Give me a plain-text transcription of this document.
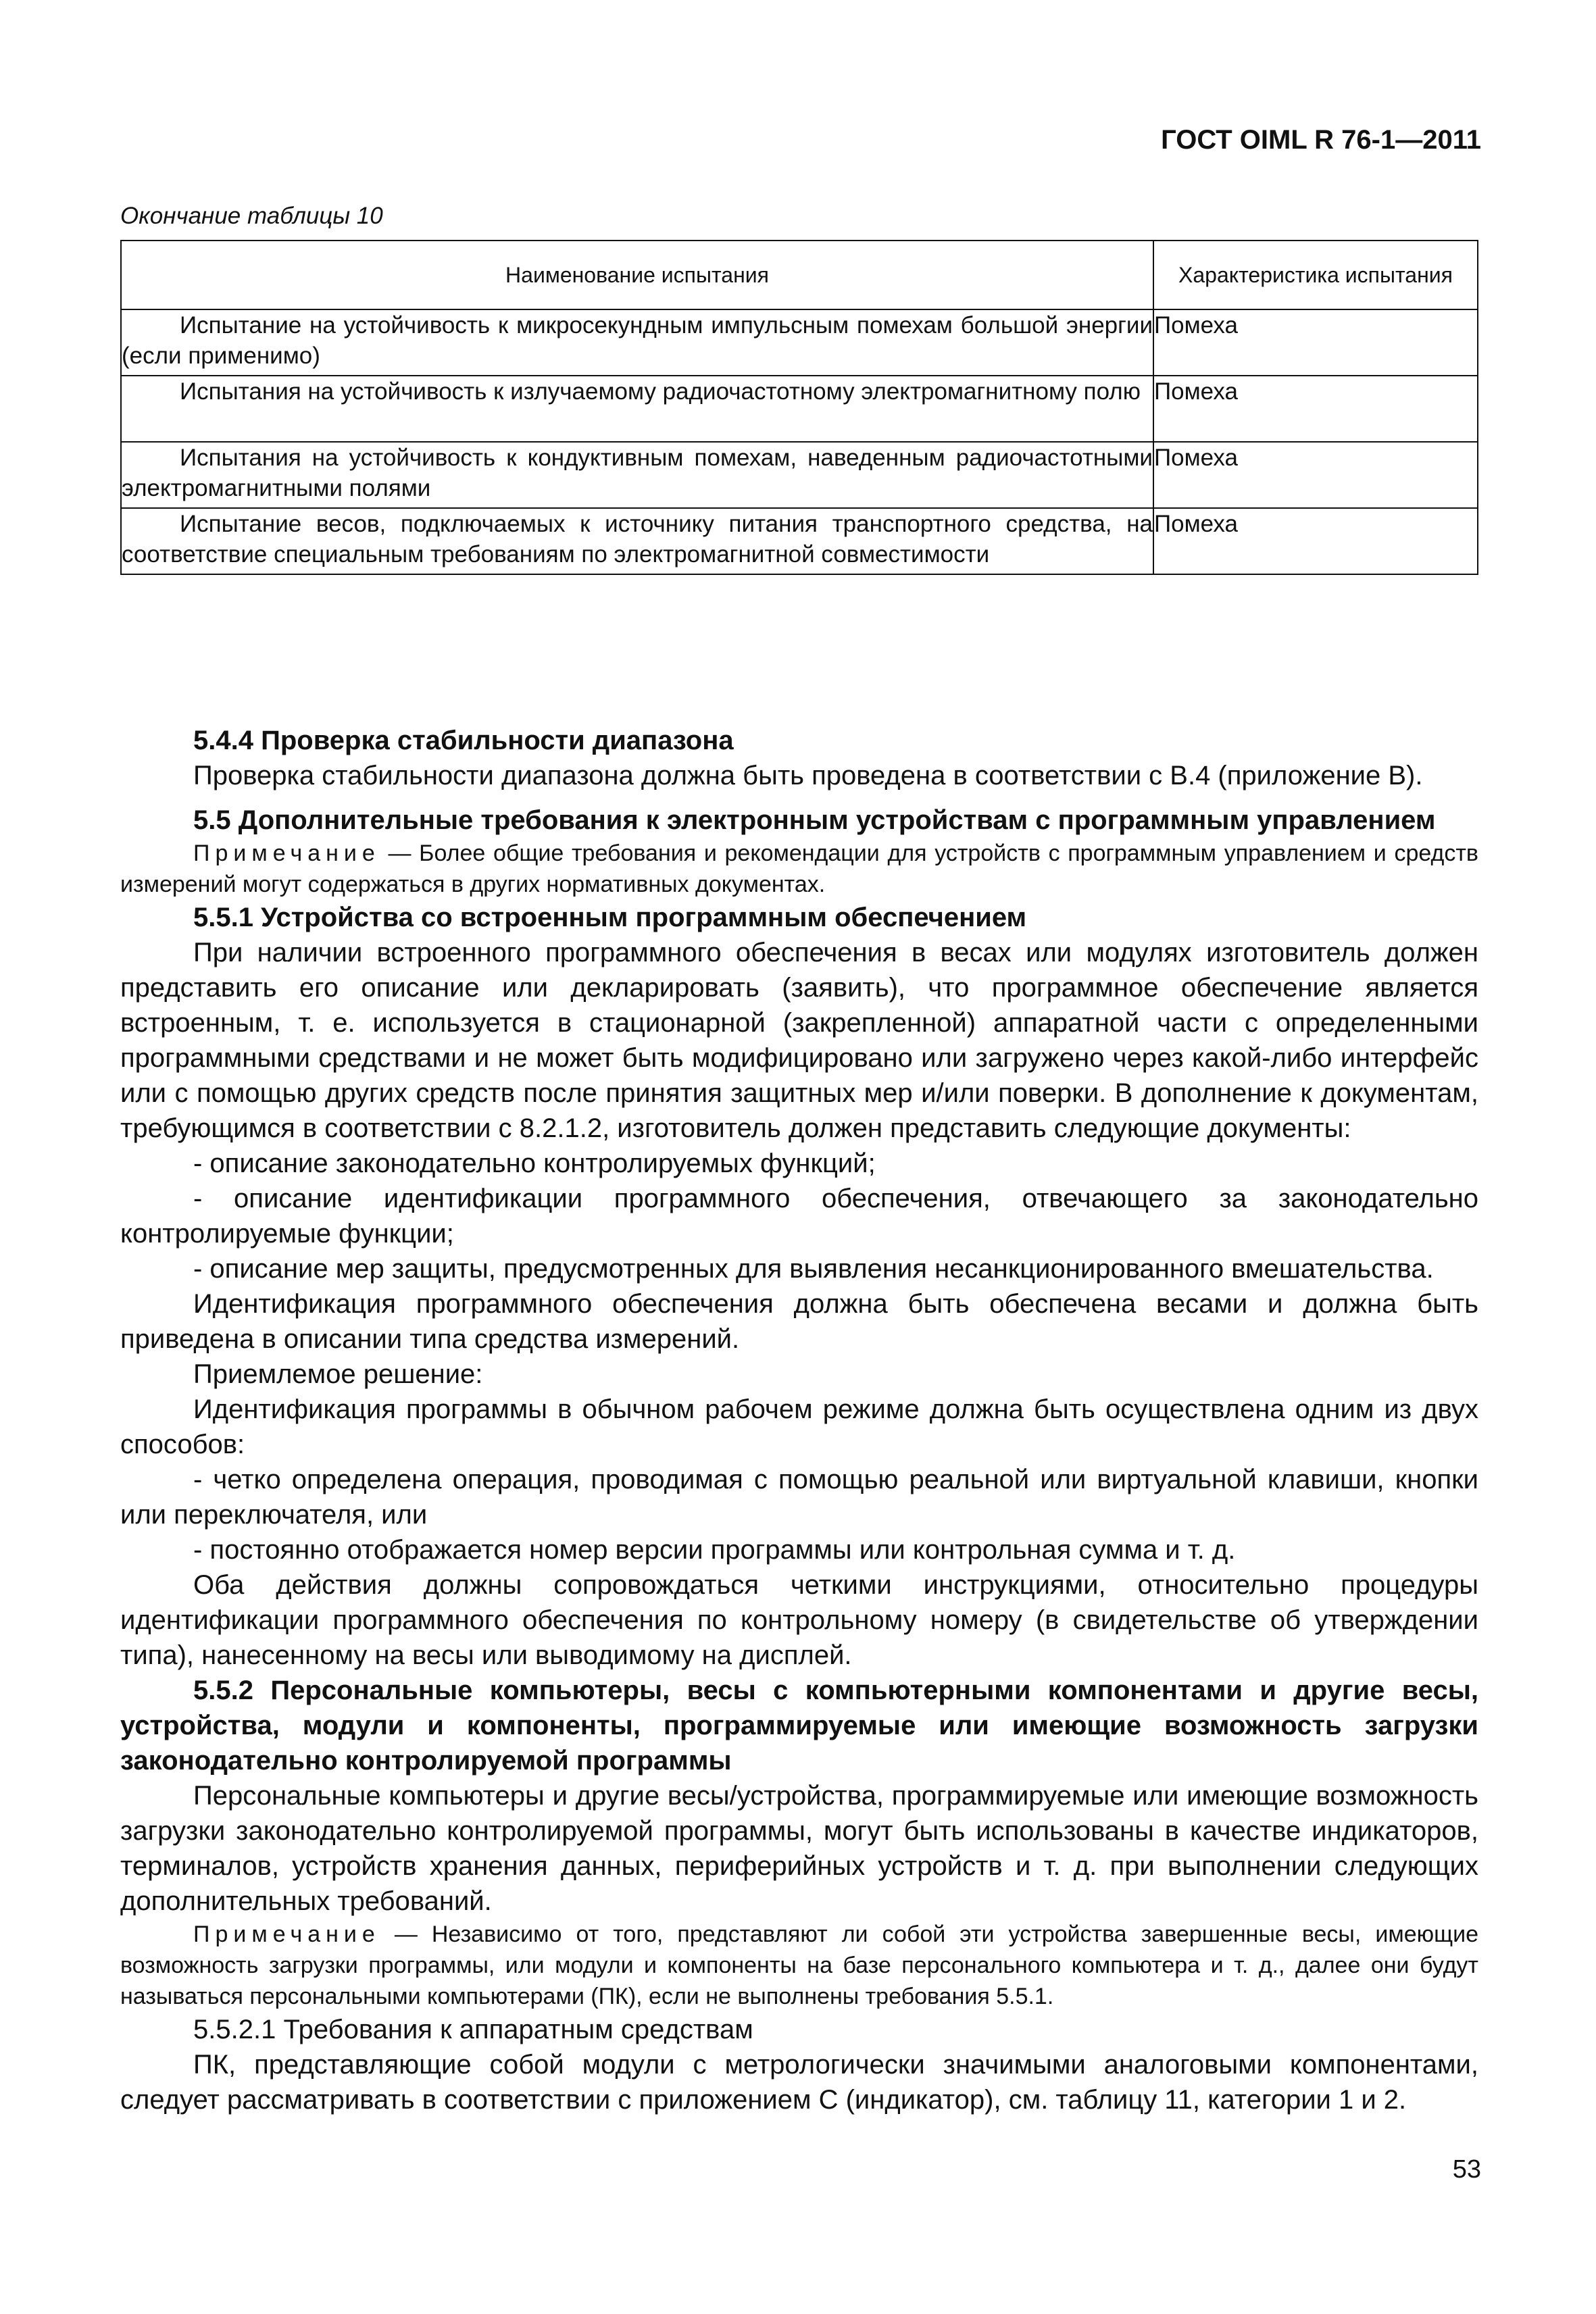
ГОСТ OIML R 76-1—2011
Окончание таблицы 10
Наименование испытания	Характеристика испытания
Испытание на устойчивость к микросекундным импульсным помехам большой энергии (если применимо)	Помеха
Испытания на устойчивость к излучаемому радиочастотному электромагнитному полю	Помеха
Испытания на устойчивость к кондуктивным помехам, наведенным радиочастотными электромагнитными полями	Помеха
Испытание весов, подключаемых к источнику питания транспортного средства, на соответствие специальным требованиям по электромагнитной совместимости	Помеха

5.4.4 Проверка стабильности диапазона

Проверка стабильности диапазона должна быть проведена в соответствии с В.4 (приложение В).

5.5 Дополнительные требования к электронным устройствам с программным управлением

Примечание — Более общие требования и рекомендации для устройств с программным управлением и средств измерений могут содержаться в других нормативных документах.

5.5.1 Устройства со встроенным программным обеспечением

При наличии встроенного программного обеспечения в весах или модулях изготовитель должен представить его описание или декларировать (заявить), что программное обеспечение является встроенным, т. е. используется в стационарной (закрепленной) аппаратной части с определенными программными средствами и не может быть модифицировано или загружено через какой-либо интерфейс или с помощью других средств после принятия защитных мер и/или поверки. В дополнение к документам, требующимся в соответствии с 8.2.1.2, изготовитель должен представить следующие документы:

- описание законодательно контролируемых функций;

- описание идентификации программного обеспечения, отвечающего за законодательно контролируемые функции;

- описание мер защиты, предусмотренных для выявления несанкционированного вмешательства.

Идентификация программного обеспечения должна быть обеспечена весами и должна быть приведена в описании типа средства измерений.

Приемлемое решение:

Идентификация программы в обычном рабочем режиме должна быть осуществлена одним из двух способов:

- четко определена операция, проводимая с помощью реальной или виртуальной клавиши, кнопки или переключателя, или

- постоянно отображается номер версии программы или контрольная сумма и т. д.

Оба действия должны сопровождаться четкими инструкциями, относительно процедуры идентификации программного обеспечения по контрольному номеру (в свидетельстве об утверждении типа), нанесенному на весы или выводимому на дисплей.

5.5.2 Персональные компьютеры, весы с компьютерными компонентами и другие весы, устройства, модули и компоненты, программируемые или имеющие возможность загрузки законодательно контролируемой программы

Персональные компьютеры и другие весы/устройства, программируемые или имеющие возможность загрузки законодательно контролируемой программы, могут быть использованы в качестве индикаторов, терминалов, устройств хранения данных, периферийных устройств и т. д. при выполнении следующих дополнительных требований.

Примечание — Независимо от того, представляют ли собой эти устройства завершенные весы, имеющие возможность загрузки программы, или модули и компоненты на базе персонального компьютера и т. д., далее они будут называться персональными компьютерами (ПК), если не выполнены требования 5.5.1.

5.5.2.1 Требования к аппаратным средствам

ПК, представляющие собой модули с метрологически значимыми аналоговыми компонентами, следует рассматривать в соответствии с приложением С (индикатор), см. таблицу 11, категории 1 и 2.

53
